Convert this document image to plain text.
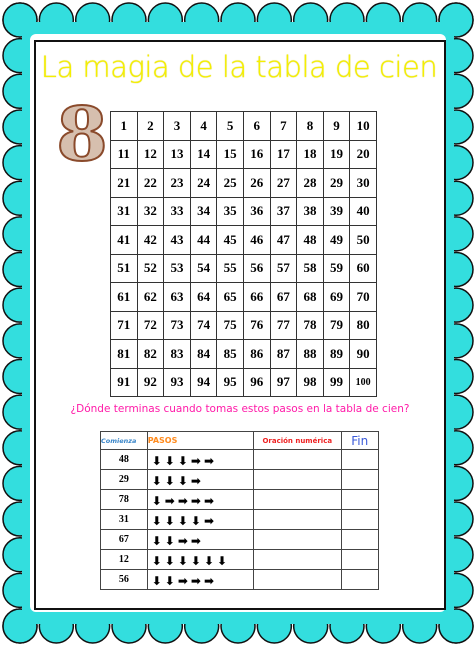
La magia de la tabla de cien
8 1	2	3	4	5	6	7	8	9	10
11	12	13	14	15	16	17	18	19	20
21	22	23	24	25	26	27	28	29	30
31	32	33	34	35	36	37	38	39	40
41	42	43	44	45	46	47	48	49	50
51	52	53	54	55	56	57	58	59	60
61	62	63	64	65	66	67	68	69	70
71	72	73	74	75	76	77	78	79	80
81	82	83	84	85	86	87	88	89	90
91	92	93	94	95	96	97	98	99	100
¿Dónde terminas cuando tomas estos pasos en la tabla de cien?
Comienza	PASOS	Oración numérica	Fin
48	⬇ ⬇ ⬇ ➡ ➡		
29	⬇ ⬇ ⬇ ➡		
78	⬇ ➡ ➡ ➡ ➡		
31	⬇ ⬇ ⬇ ⬇ ➡		
67	⬇ ⬇ ➡ ➡		
12	⬇ ⬇ ⬇ ⬇ ⬇ ⬇		
56	⬇ ⬇ ➡ ➡ ➡		
